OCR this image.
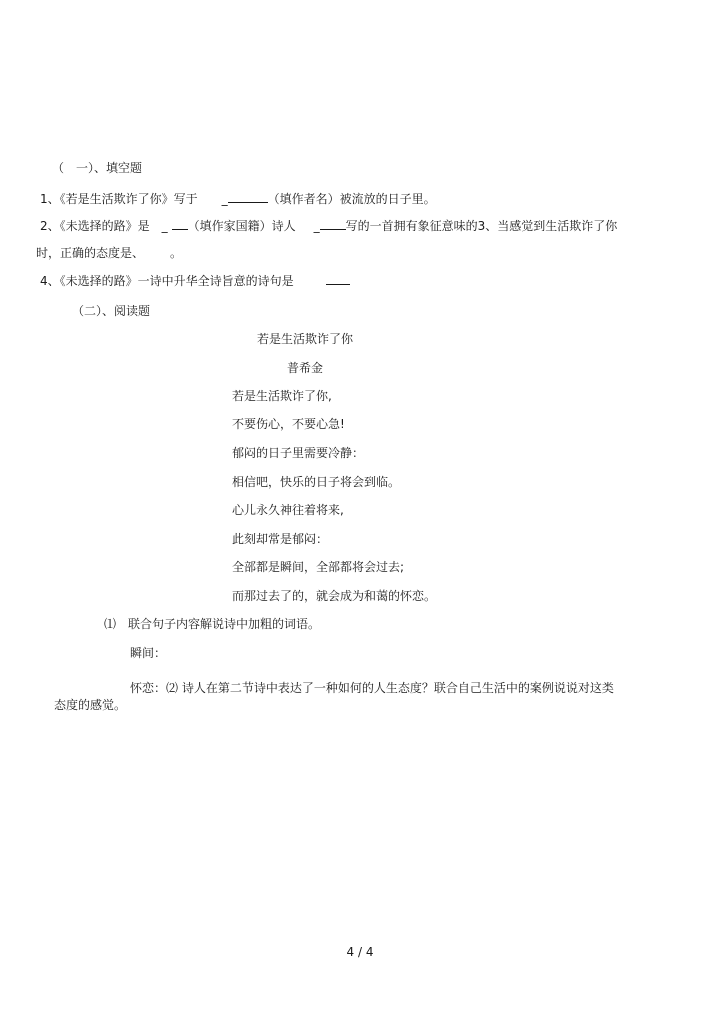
（　一）、填空题
1、《若是生活欺诈了你》写于 _	（填作者名）被流放的日子里。
2、《未选择的路》是 _ （填作家国籍）诗人 _ 写的一首拥有象征意味的3、当感觉到生活欺诈了你
时，正确的态度是、 。
4、《未选择的路》一诗中升华全诗旨意的诗句是
（二）、阅读题
若是生活欺诈了你
普希金
若是生活欺诈了你,
不要伤心，不要心急!
郁闷的日子里需要冷静：
相信吧，快乐的日子将会到临。
心儿永久神往着将来,
此刻却常是郁闷：
全部都是瞬间，全部都将会过去;
而那过去了的，就会成为和蔼的怀恋。
⑴ 联合句子内容解说诗中加粗的词语。
瞬间：
怀恋：⑵ 诗人在第二节诗中表达了一种如何的人生态度？联合自己生活中的案例说说对这类
态度的感觉。
4 / 4
